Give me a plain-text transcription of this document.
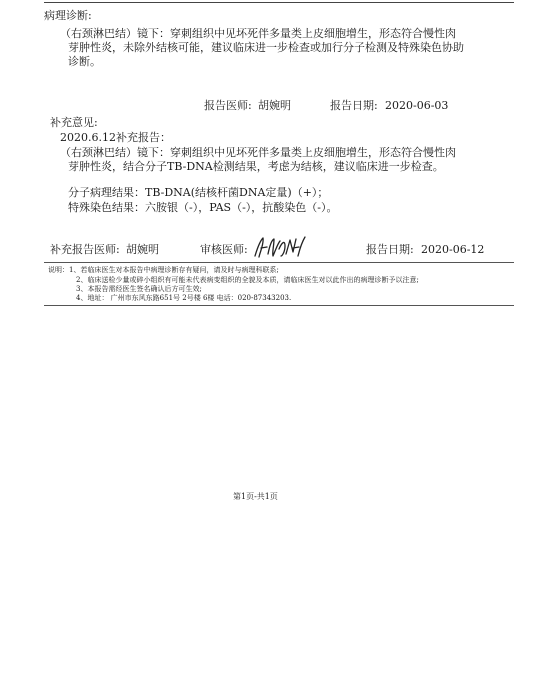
病理诊断:
（右颈淋巴结）镜下：穿刺组织中见坏死伴多量类上皮细胞增生，形态符合慢性肉
芽肿性炎，未除外结核可能，建议临床进一步检查或加行分子检测及特殊染色协助
诊断。
报告医师: 胡婉明	报告日期: 2020-06-03
补充意见:
2020.6.12补充报告：
（右颈淋巴结）镜下：穿刺组织中见坏死伴多量类上皮细胞增生，形态符合慢性肉
芽肿性炎，结合分子TB-DNA检测结果，考虑为结核，建议临床进一步检查。
分子病理结果：TB-DNA(结核杆菌DNA定量)（+）；
特殊染色结果：六胺银（-），PAS（-），抗酸染色（-）。
补充报告医师: 胡婉明	审核医师:	报告日期: 2020-06-12
说明：1、若临床医生对本报告中病理诊断存有疑问，请及时与病理科联系;
2、临床送检少量或碎小组织有可能未代表病变组织的全貌及本质，请临床医生对以此作出的病理诊断予以注意;
3、本报告需经医生签名确认后方可生效;
4、地址： 广州市东风东路651号 2号楼 6楼 电话：020-87343203.
第1页-共1页
